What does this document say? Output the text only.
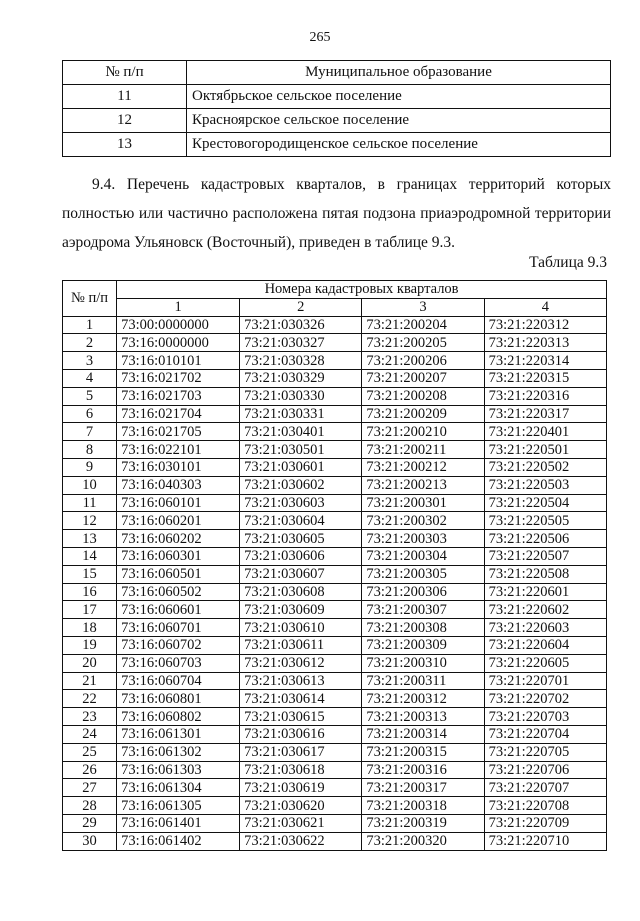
265
№ п/п	Муниципальное образование
11	Октябрьское сельское поселение
12	Красноярское сельское поселение
13	Крестовогородищенское сельское поселение
9.4. Перечень кадастровых кварталов, в границах территорий которых
полностью или частично расположена пятая подзона приаэродромной территории
аэродрома Ульяновск (Восточный), приведен в таблице 9.3.
Таблица 9.3
№ п/п	Номера кадастровых кварталов			
	1	2	3	4
1	73:00:0000000	73:21:030326	73:21:200204	73:21:220312
2	73:16:0000000	73:21:030327	73:21:200205	73:21:220313
3	73:16:010101	73:21:030328	73:21:200206	73:21:220314
4	73:16:021702	73:21:030329	73:21:200207	73:21:220315
5	73:16:021703	73:21:030330	73:21:200208	73:21:220316
6	73:16:021704	73:21:030331	73:21:200209	73:21:220317
7	73:16:021705	73:21:030401	73:21:200210	73:21:220401
8	73:16:022101	73:21:030501	73:21:200211	73:21:220501
9	73:16:030101	73:21:030601	73:21:200212	73:21:220502
10	73:16:040303	73:21:030602	73:21:200213	73:21:220503
11	73:16:060101	73:21:030603	73:21:200301	73:21:220504
12	73:16:060201	73:21:030604	73:21:200302	73:21:220505
13	73:16:060202	73:21:030605	73:21:200303	73:21:220506
14	73:16:060301	73:21:030606	73:21:200304	73:21:220507
15	73:16:060501	73:21:030607	73:21:200305	73:21:220508
16	73:16:060502	73:21:030608	73:21:200306	73:21:220601
17	73:16:060601	73:21:030609	73:21:200307	73:21:220602
18	73:16:060701	73:21:030610	73:21:200308	73:21:220603
19	73:16:060702	73:21:030611	73:21:200309	73:21:220604
20	73:16:060703	73:21:030612	73:21:200310	73:21:220605
21	73:16:060704	73:21:030613	73:21:200311	73:21:220701
22	73:16:060801	73:21:030614	73:21:200312	73:21:220702
23	73:16:060802	73:21:030615	73:21:200313	73:21:220703
24	73:16:061301	73:21:030616	73:21:200314	73:21:220704
25	73:16:061302	73:21:030617	73:21:200315	73:21:220705
26	73:16:061303	73:21:030618	73:21:200316	73:21:220706
27	73:16:061304	73:21:030619	73:21:200317	73:21:220707
28	73:16:061305	73:21:030620	73:21:200318	73:21:220708
29	73:16:061401	73:21:030621	73:21:200319	73:21:220709
30	73:16:061402	73:21:030622	73:21:200320	73:21:220710
